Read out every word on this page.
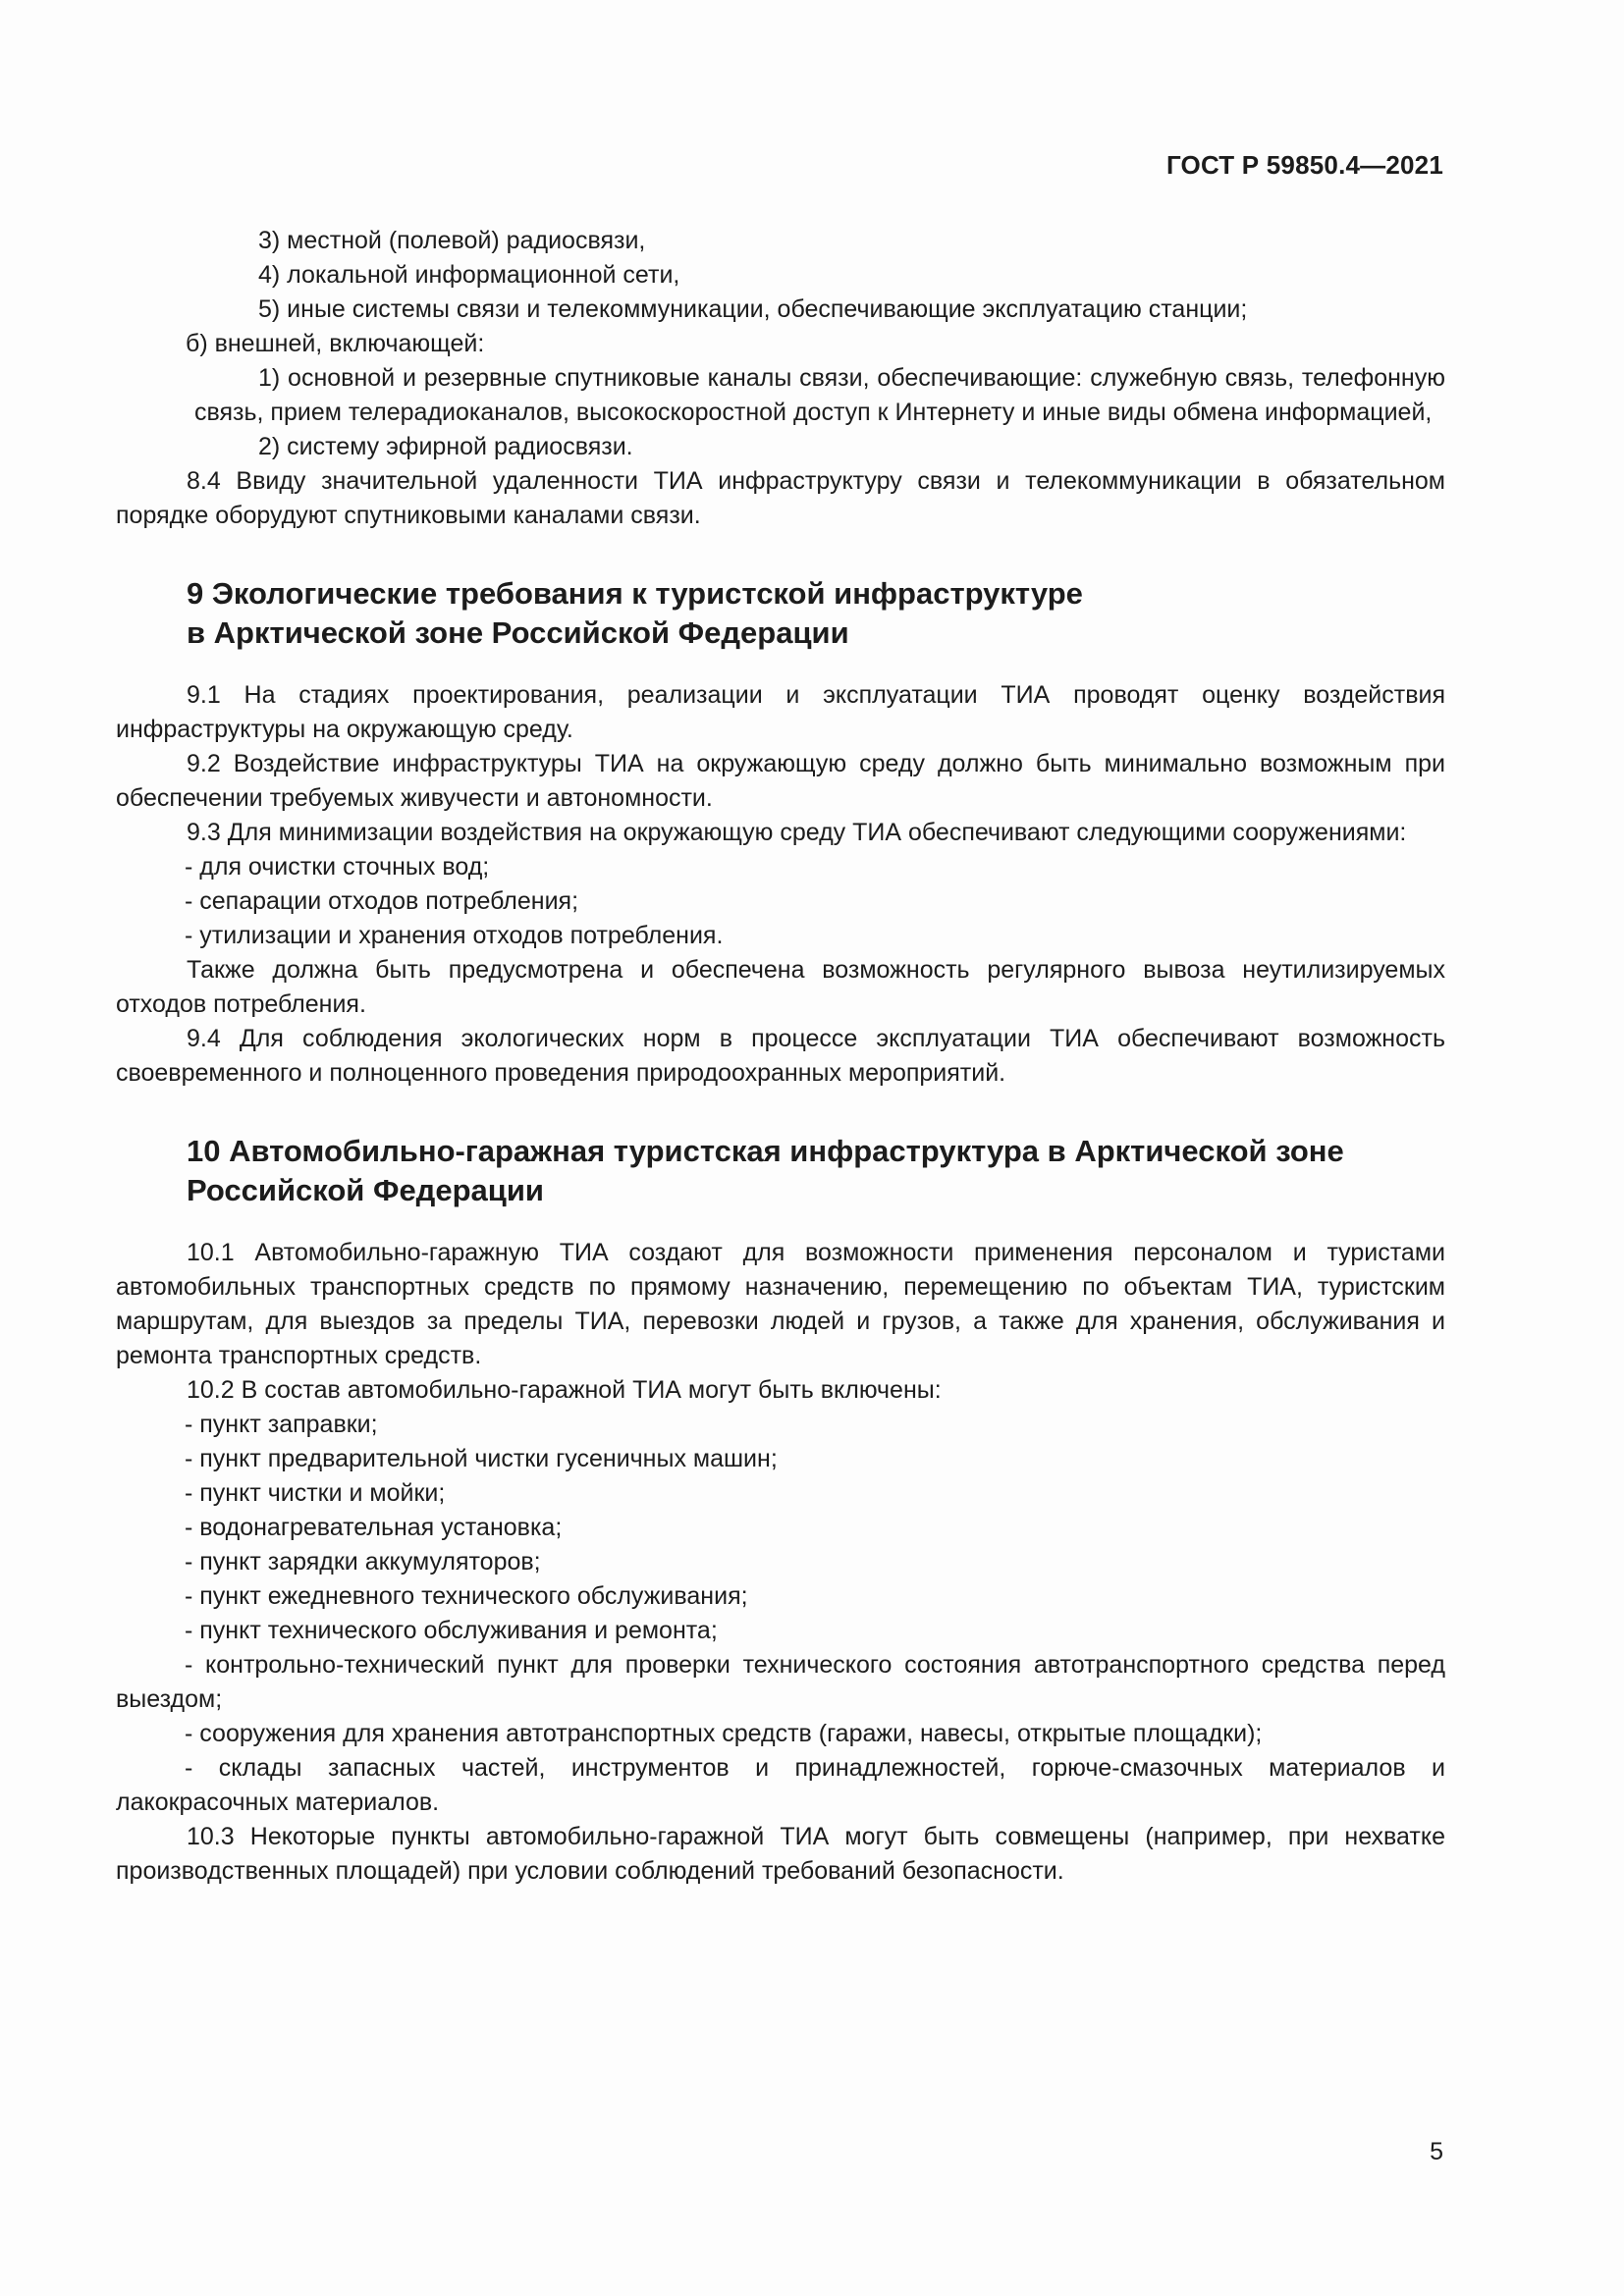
ГОСТ Р 59850.4—2021

3) местной (полевой) радиосвязи,

4) локальной информационной сети,

5) иные системы связи и телекоммуникации, обеспечивающие эксплуатацию станции;

б) внешней, включающей:

1) основной и резервные спутниковые каналы связи, обеспечивающие: служебную связь, телефонную связь, прием телерадиоканалов, высокоскоростной доступ к Интернету и иные виды обмена информацией,

2) систему эфирной радиосвязи.

8.4 Ввиду значительной удаленности ТИА инфраструктуру связи и телекоммуникации в обязательном порядке оборудуют спутниковыми каналами связи.

9 Экологические требования к туристской инфраструктуре
в Арктической зоне Российской Федерации

9.1 На стадиях проектирования, реализации и эксплуатации ТИА проводят оценку воздействия инфраструктуры на окружающую среду.

9.2 Воздействие инфраструктуры ТИА на окружающую среду должно быть минимально возможным при обеспечении требуемых живучести и автономности.

9.3 Для минимизации воздействия на окружающую среду ТИА обеспечивают следующими сооружениями:

- для очистки сточных вод;

- сепарации отходов потребления;

- утилизации и хранения отходов потребления.

Также должна быть предусмотрена и обеспечена возможность регулярного вывоза неутилизируемых отходов потребления.

9.4 Для соблюдения экологических норм в процессе эксплуатации ТИА обеспечивают возможность своевременного и полноценного проведения природоохранных мероприятий.

10 Автомобильно-гаражная туристская инфраструктура в Арктической зоне
Российской Федерации

10.1 Автомобильно-гаражную ТИА создают для возможности применения персоналом и туристами автомобильных транспортных средств по прямому назначению, перемещению по объектам ТИА, туристским маршрутам, для выездов за пределы ТИА, перевозки людей и грузов, а также для хранения, обслуживания и ремонта транспортных средств.

10.2 В состав автомобильно-гаражной ТИА могут быть включены:

- пункт заправки;

- пункт предварительной чистки гусеничных машин;

- пункт чистки и мойки;

- водонагревательная установка;

- пункт зарядки аккумуляторов;

- пункт ежедневного технического обслуживания;

- пункт технического обслуживания и ремонта;

- контрольно-технический пункт для проверки технического состояния автотранспортного средства перед выездом;

- сооружения для хранения автотранспортных средств (гаражи, навесы, открытые площадки);

- склады запасных частей, инструментов и принадлежностей, горюче-смазочных материалов и лакокрасочных материалов.

10.3 Некоторые пункты автомобильно-гаражной ТИА могут быть совмещены (например, при нехватке производственных площадей) при условии соблюдений требований безопасности.

5
